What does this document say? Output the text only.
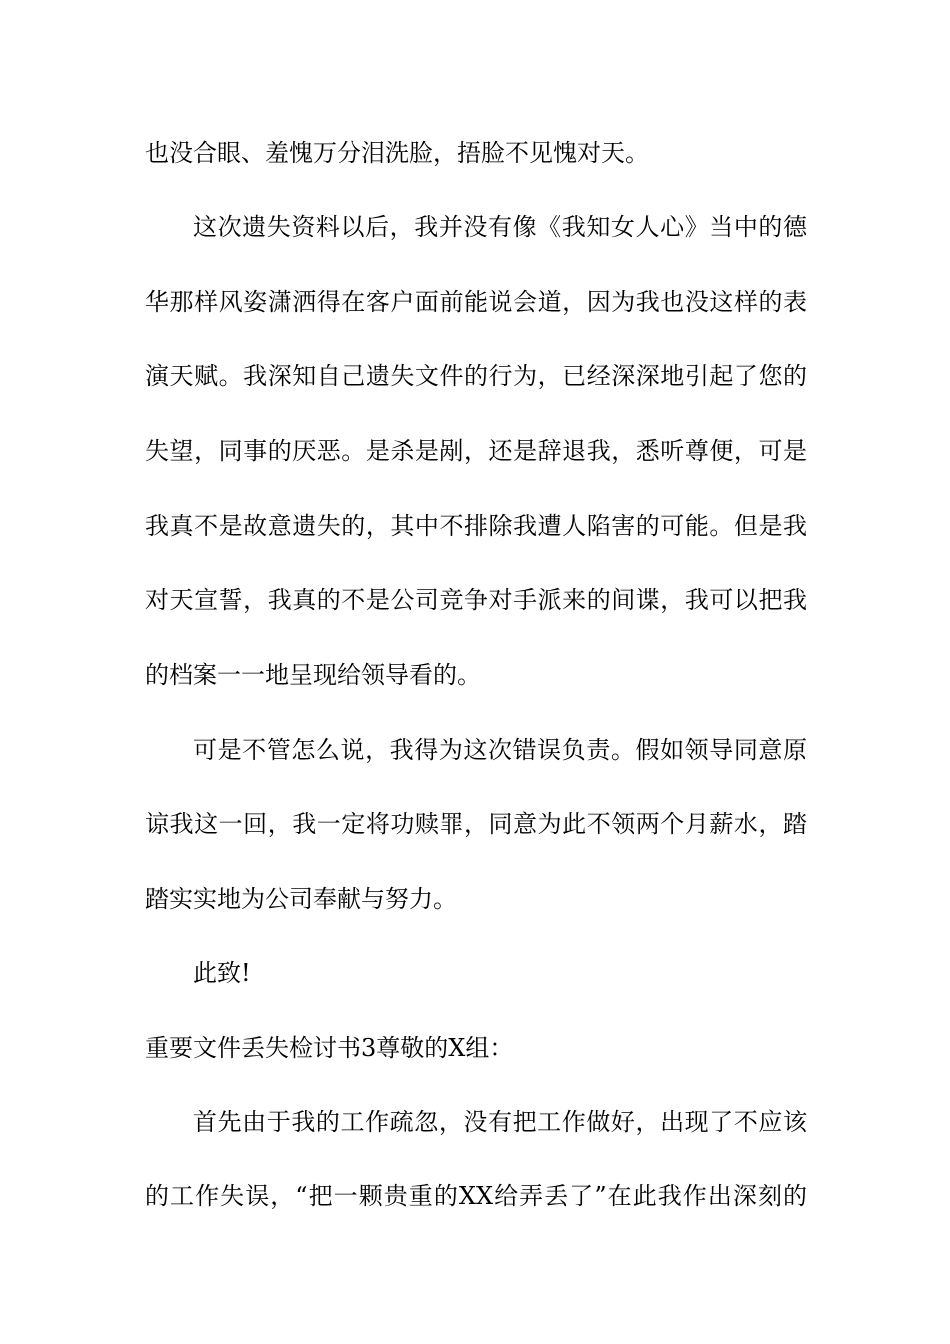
也没合眼、羞愧万分泪洗脸，捂脸不见愧对天。
这次遗失资料以后，我并没有像《我知女人心》当中的德
华那样风姿潇洒得在客户面前能说会道，因为我也没这样的表
演天赋。我深知自己遗失文件的行为，已经深深地引起了您的
失望，同事的厌恶。是杀是剐，还是辞退我，悉听尊便，可是
我真不是故意遗失的，其中不排除我遭人陷害的可能。但是我
对天宣誓，我真的不是公司竞争对手派来的间谍，我可以把我
的档案一一地呈现给领导看的。
可是不管怎么说，我得为这次错误负责。假如领导同意原
谅我这一回，我一定将功赎罪，同意为此不领两个月薪水，踏
踏实实地为公司奉献与努力。
此致!
重要文件丢失检讨书3尊敬的X组：
首先由于我的工作疏忽，没有把工作做好，出现了不应该
的工作失误，“把一颗贵重的XX给弄丢了”在此我作出深刻的
